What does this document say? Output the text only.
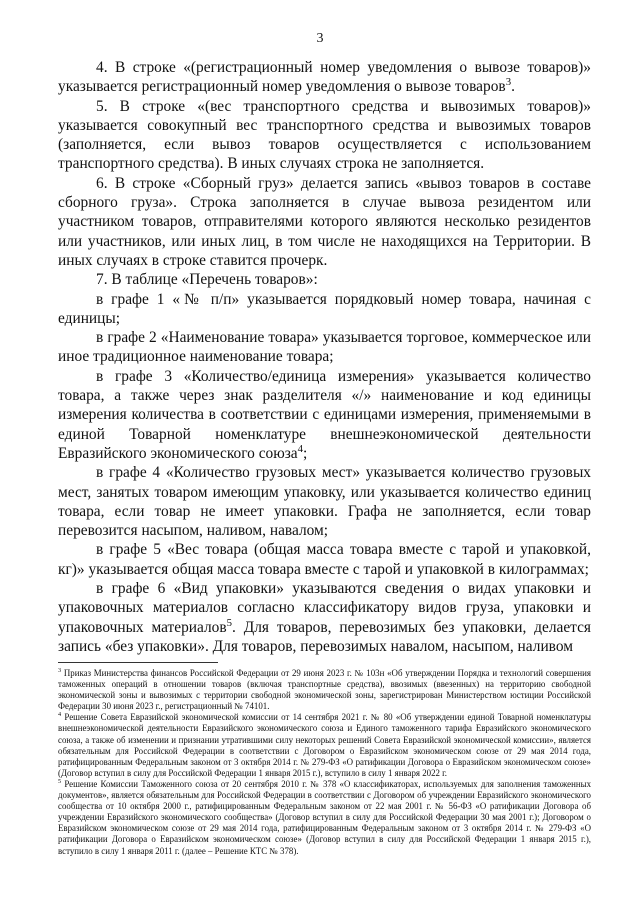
3

4. В строке «(регистрационный номер уведомления о вывозе товаров)» указывается регистрационный номер уведомления о вывозе товаров$^3$.

5. В строке «(вес транспортного средства и вывозимых товаров)» указывается совокупный вес транспортного средства и вывозимых товаров (заполняется, если вывоз товаров осуществляется с использованием транспортного средства). В иных случаях строка не заполняется.

6. В строке «Сборный груз» делается запись «вывоз товаров в составе сборного груза». Строка заполняется в случае вывоза резидентом или участником товаров, отправителями которого являются несколько резидентов или участников, или иных лиц, в том числе не находящихся на Территории. В иных случаях в строке ставится прочерк.

7. В таблице «Перечень товаров»:

в графе 1 «№ п/п» указывается порядковый номер товара, начиная с единицы;

в графе 2 «Наименование товара» указывается торговое, коммерческое или иное традиционное наименование товара;

в графе 3 «Количество/единица измерения» указывается количество товара, а также через знак разделителя «/» наименование и код единицы измерения количества в соответствии с единицами измерения, применяемыми в единой Товарной номенклатуре внешнеэкономической деятельности Евразийского экономического союза$^4$;

в графе 4 «Количество грузовых мест» указывается количество грузовых мест, занятых товаром имеющим упаковку, или указывается количество единиц товара, если товар не имеет упаковки. Графа не заполняется, если товар перевозится насыпом, наливом, навалом;

в графе 5 «Вес товара (общая масса товара вместе с тарой и упаковкой, кг)» указывается общая масса товара вместе с тарой и упаковкой в килограммах;

в графе 6 «Вид упаковки» указываются сведения о видах упаковки и упаковочных материалов согласно классификатору видов груза, упаковки и упаковочных материалов$^5$. Для товаров, перевозимых без упаковки, делается запись «без упаковки». Для товаров, перевозимых навалом, насыпом, наливом

$^3$ Приказ Министерства финансов Российской Федерации от 29 июня 2023 г. № 103н «Об утверждении Порядка и технологий совершения таможенных операций в отношении товаров (включая транспортные средства), ввозимых (ввезенных) на территорию свободной экономической зоны и вывозимых с территории свободной экономической зоны, зарегистрирован Министерством юстиции Российской Федерации 30 июня 2023 г., регистрационный № 74101.

$^4$ Решение Совета Евразийской экономической комиссии от 14 сентября 2021 г. № 80 «Об утверждении единой Товарной номенклатуры внешнеэкономической деятельности Евразийского экономического союза и Единого таможенного тарифа Евразийского экономического союза, а также об изменении и признании утратившими силу некоторых решений Совета Евразийской экономической комиссии», является обязательным для Российской Федерации в соответствии с Договором о Евразийском экономическом союзе от 29 мая 2014 года, ратифицированным Федеральным законом от 3 октября 2014 г. № 279-ФЗ «О ратификации Договора о Евразийском экономическом союзе» (Договор вступил в силу для Российской Федерации 1 января 2015 г.), вступило в силу 1 января 2022 г.

$^5$ Решение Комиссии Таможенного союза от 20 сентября 2010 г. № 378 «О классификаторах, используемых для заполнения таможенных документов», является обязательным для Российской Федерации в соответствии с Договором об учреждении Евразийского экономического сообщества от 10 октября 2000 г., ратифицированным Федеральным законом от 22 мая 2001 г. № 56-ФЗ «О ратификации Договора об учреждении Евразийского экономического сообщества» (Договор вступил в силу для Российской Федерации 30 мая 2001 г.); Договором о Евразийском экономическом союзе от 29 мая 2014 года, ратифицированным Федеральным законом от 3 октября 2014 г. № 279-ФЗ «О ратификации Договора о Евразийском экономическом союзе» (Договор вступил в силу для Российской Федерации 1 января 2015 г.), вступило в силу 1 января 2011 г. (далее – Решение КТС № 378).
